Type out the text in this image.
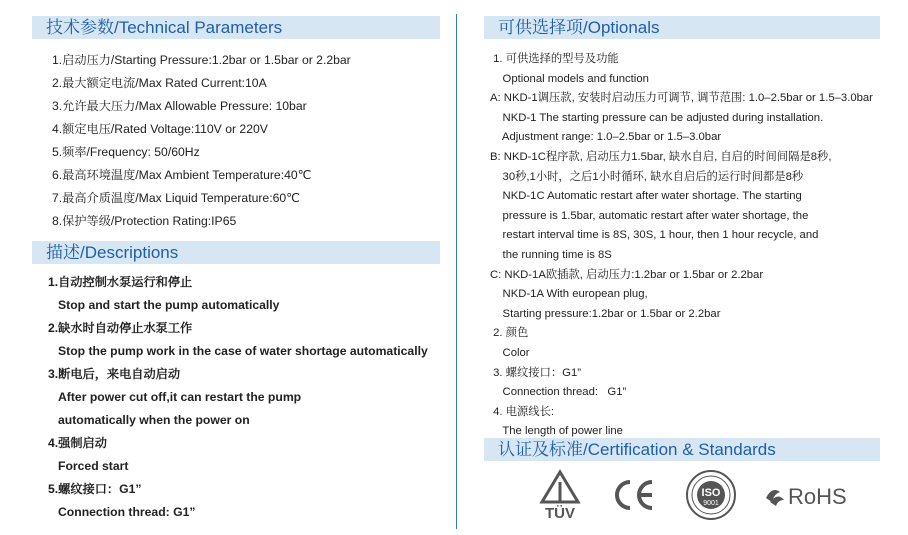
技术参数/Technical Parameters
1.启动压力/Starting Pressure:1.2bar or 1.5bar or 2.2bar
2.最大额定电流/Max Rated Current:10A
3.允许最大压力/Max Allowable Pressure: 10bar
4.额定电压/Rated Voltage:110V or 220V
5.频率/Frequency: 50/60Hz
6.最高环境温度/Max Ambient Temperature:40℃
7.最高介质温度/Max Liquid Temperature:60℃
8.保护等级/Protection Rating:IP65
描述/Descriptions
1.自动控制水泵运行和停止
Stop and start the pump automatically
2.缺水时自动停止水泵工作
Stop the pump work in the case of water shortage automatically
3.断电后，来电自动启动
After power cut off,it can restart the pump
automatically when the power on
4.强制启动
Forced start
5.螺纹接口：G1”
Connection thread: G1”
可供选择项/Optionals
1. 可供选择的型号及功能
Optional models and function
A: NKD-1调压款, 安装时启动压力可调节, 调节范围: 1.0–2.5bar or 1.5–3.0bar
NKD-1 The starting pressure can be adjusted during installation.
Adjustment range: 1.0–2.5bar or 1.5–3.0bar
B: NKD-1C程序款, 启动压力1.5bar, 缺水自启, 自启的时间间隔是8秒,
30秒,1小时，之后1小时循环, 缺水自启后的运行时间都是8秒
NKD-1C Automatic restart after water shortage. The starting
pressure is 1.5bar, automatic restart after water shortage, the
restart interval time is 8S, 30S, 1 hour, then 1 hour recycle, and
the running time is 8S
C: NKD-1A欧插款, 启动压力:1.2bar or 1.5bar or 2.2bar
NKD-1A With european plug,
Starting pressure:1.2bar or 1.5bar or 2.2bar
2. 颜色
Color
3. 螺纹接口：G1”
Connection thread:   G1”
4. 电源线长:
The length of power line
认证及标准/Certification & Standards
TÜV
ISO
9001	RoHS
